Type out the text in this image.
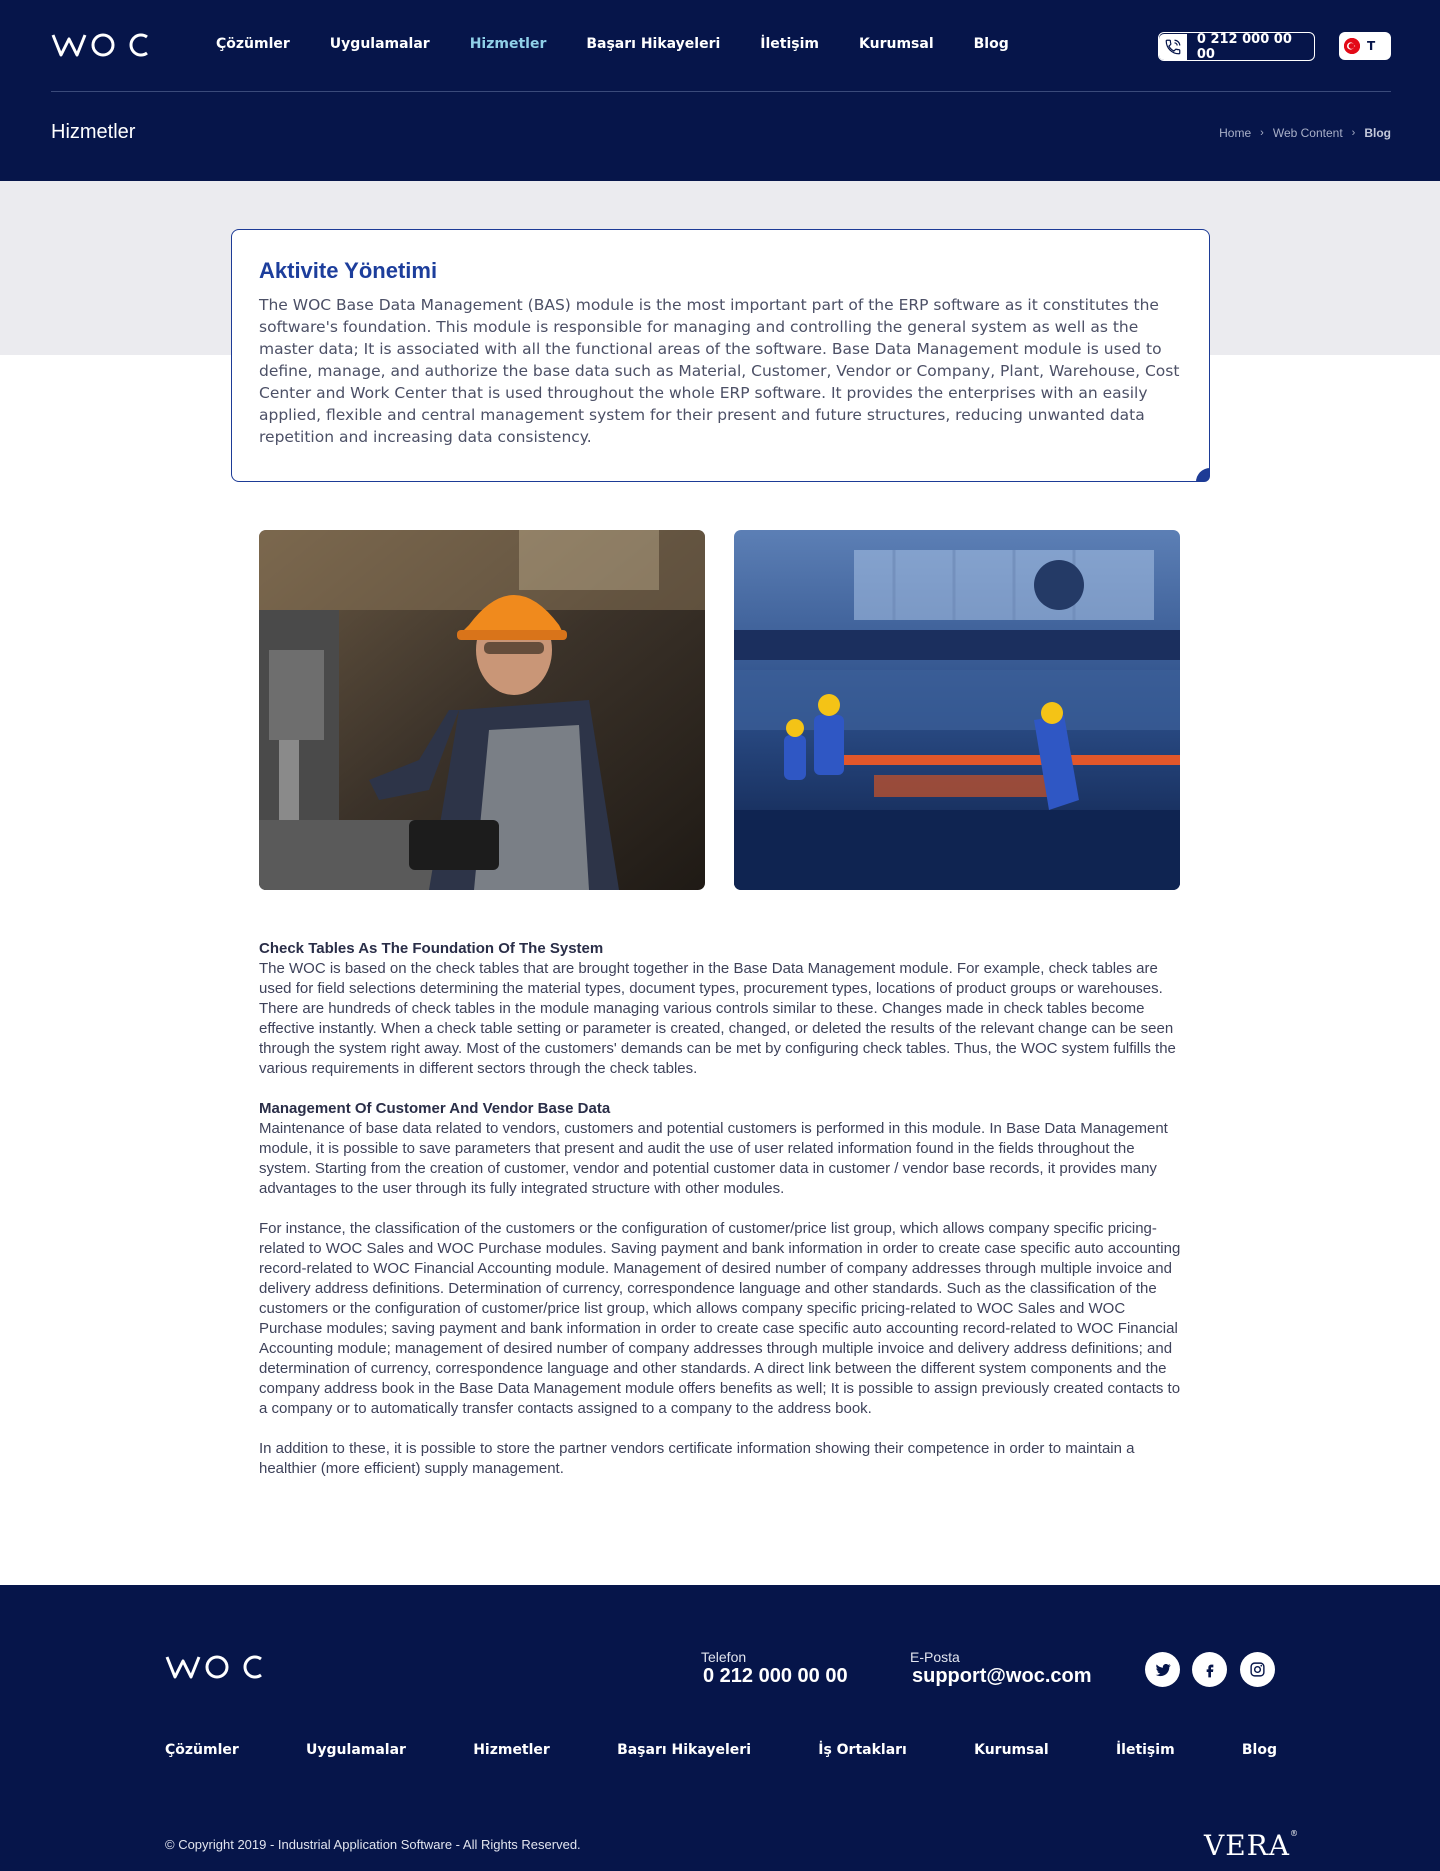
Çözümler	Uygulamalar	Hizmetler	Başarı Hikayeleri	İletişim	Kurumsal	Blog	0 212 000 00 00
T
Hizmetler	Home › Web Content › Blog
Aktivite Yönetimi

The WOC Base Data Management (BAS) module is the most important part of the ERP software as it constitutes the software's foundation. This module is responsible for managing and controlling the general system as well as the master data; It is associated with all the functional areas of the software. Base Data Management module is used to define, manage, and authorize the base data such as Material, Customer, Vendor or Company, Plant, Warehouse, Cost Center and Work Center that is used throughout the whole ERP software. It provides the enterprises with an easily applied, flexible and central management system for their present and future structures, reducing unwanted data repetition and increasing data consistency.

Check Tables As The Foundation Of The System

The WOC is based on the check tables that are brought together in the Base Data Management module. For example, check tables are used for field selections determining the material types, document types, procurement types, locations of product groups or warehouses. There are hundreds of check tables in the module managing various controls similar to these. Changes made in check tables become effective instantly. When a check table setting or parameter is created, changed, or deleted the results of the relevant change can be seen through the system right away. Most of the customers' demands can be met by configuring check tables. Thus, the WOC system fulfills the various requirements in different sectors through the check tables.

Management Of Customer And Vendor Base Data

Maintenance of base data related to vendors, customers and potential customers is performed in this module. In Base Data Management module, it is possible to save parameters that present and audit the use of user related information found in the fields throughout the system. Starting from the creation of customer, vendor and potential customer data in customer / vendor base records, it provides many advantages to the user through its fully integrated structure with other modules.

For instance, the classification of the customers or the configuration of customer/price list group, which allows company specific pricing-related to WOC Sales and WOC Purchase modules. Saving payment and bank information in order to create case specific auto accounting record-related to WOC Financial Accounting module. Management of desired number of company addresses through multiple invoice and delivery address definitions. Determination of currency, correspondence language and other standards. Such as the classification of the customers or the configuration of customer/price list group, which allows company specific pricing-related to WOC Sales and WOC Purchase modules; saving payment and bank information in order to create case specific auto accounting record-related to WOC Financial Accounting module; management of desired number of company addresses through multiple invoice and delivery address definitions; and determination of currency, correspondence language and other standards. A direct link between the different system components and the company address book in the Base Data Management module offers benefits as well; It is possible to assign previously created contacts to a company or to automatically transfer contacts assigned to a company to the address book.

In addition to these, it is possible to store the partner vendors certificate information showing their competence in order to maintain a healthier (more efficient) supply management.

Telefon
0 212 000 00 00
E-Posta
support@woc.com
Çözümler	Uygulamalar	Hizmetler	Başarı Hikayeleri	İş Ortakları	Kurumsal	İletişim	Blog
© Copyright 2019 - Industrial Application Software - All Rights Reserved.	VERA®
